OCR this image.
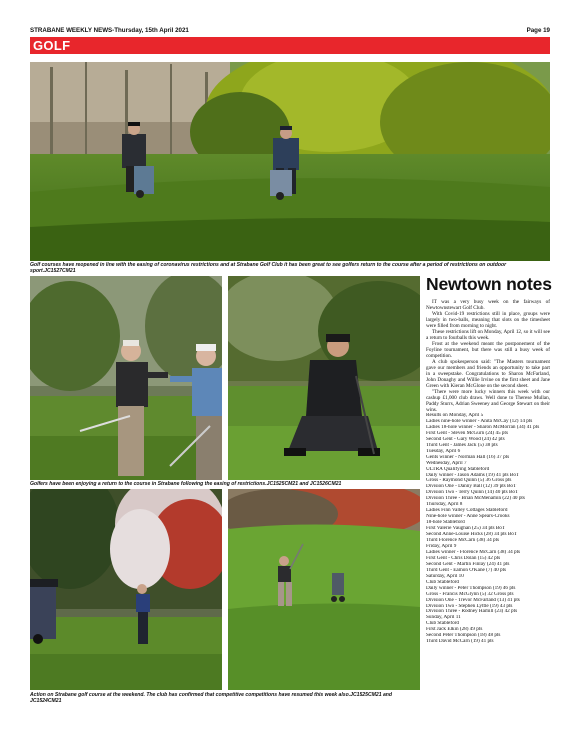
STRABANE WEEKLY NEWS-Thursday, 15th April 2021	Page 19
GOLF
Golf courses have reopened in line with the easing of coronavirus restrictions and at Strabane Golf Club it has been great to see golfers return to the course after a period of restrictions on outdoor sport.JC1527CM21
Golfers have been enjoying a return to the course in Strabane following the easing of restrictions.JC1525CM21 and JC1526CM21
Action on Strabane golf course at the weekend. The club has confirmed that competitive competitions have resumed this week also.JC1525CM21 and JC1524CM21
Newtown notes

IT was a very busy week on the fairways of Newtownstewart Golf Club.

With Covid-19 restrictions still in place, groups were largely in two-balls, meaning that slots on the timesheet were filled from morning to night.

These restrictions lift on Monday, April 12, so it will see a return to fourballs this week.

Frost at the weekend meant the postponement of the Foyline tournament, but there was still a busy week of competition.

A club spokesperson said: "The Masters tournament gave our members and friends an opportunity to take part in a sweepstake. Congratulations to Sharon McFarland, John Donaghy and Willie Irvine on the first sheet and Jane Green with Kieran McGlone on the second sheet.

"There were more lucky winners this week with our cashup £1,000 club draws. Well done to Therese Mullan, Paddy Sturrs, Adrian Sweeney and George Stewart on their wins.

Results on Monday, April 5
Ladies nine-hole winner - Anita McCay (12) 14 pts
Ladies 18-hole winner - Sharon McMorran (34) 41 pts
First Gent - Steven McGurn (24) 45 pts
Second Gent - Gary Wood (24) 42 pts
Third Gent - James Jack (5) 38 pts
Tuesday, April 6
Gents winner - Norman Hall (16) 37 pts
Wednesday, April 7
ULTRA Qualifying Stableford
Daily winner - Jason Adams (19) 41 pts BoT
Gross - Raymond Quinn (5) 36 Gross pts
Division One - Danny Ball (12) 39 pts BoT
Division Two - Terry Quinn (14) 40 pts BoT
Division Three - Brian McMenamin (22) 40 pts
Thursday, April 8
Ladies Finn Valley Cottages Stableford
Nine-hole winner - Anne Spears-Crooks
18-hole Stableford
First Valerie Vaughan (25) 34 pts BoT
Second Anne-Louise Hicks (28) 34 pts BoT
Third Florence McCarn (38) 34 pts
Friday, April 9
Ladies winner - Florence McCarn (38) 34 pts
First Gent - Chris Dolan (15) 42 pts
Second Gent - Martin Finlay (24) 41 pts
Third Gent - Eamon O'Kane (7) 40 pts
Saturday, April 10
Club Stableford
Daily winner - Peter Thompson (19) 46 pts
Gross - Francis McGlynn (5) 32 Gross pts
Division One - Trevor McFarland (13) 41 pts
Division Two - Stephen Lyttle (19) 43 pts
Division Three - Rodney Hamill (23) 42 pts
Sunday, April 11
Club Stableford
First Jack Elkin (28) 49 pts
Second Peter Thompson (18) 48 pts
Third David McCarn (19) 41 pts
